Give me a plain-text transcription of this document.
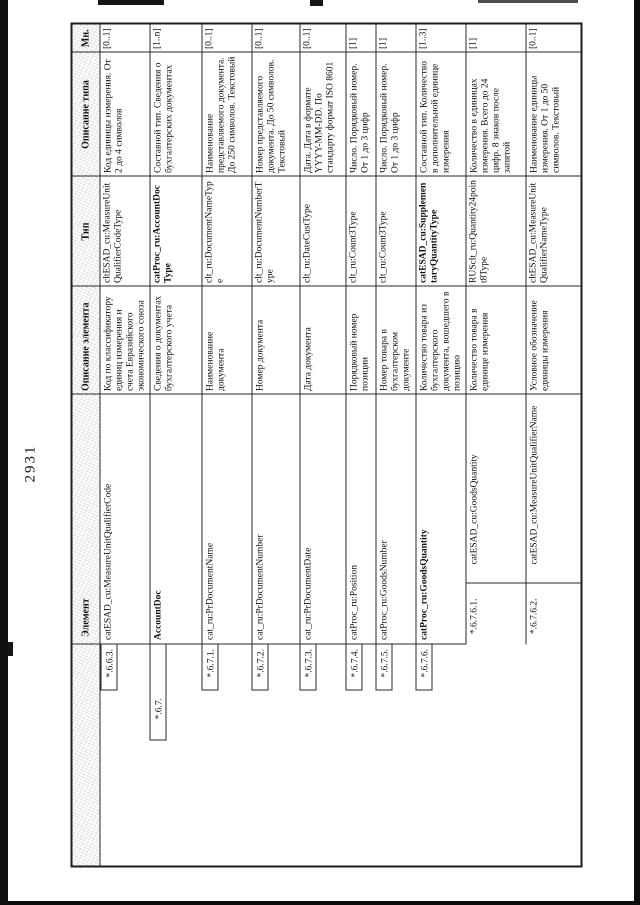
2931
	Элемент	Описание элемента	Тип	Описание типа	Мн.

*.6.6.3.	catESAD_cu:MeasureUnitQualifierCode	Код по классификатору единиц измерения и счета Евразийского экономического союза	cltESAD_cu:MeasureUnitQualifierCodeType	Код единицы измерения. От 2 до 4 символов	[0..1]

*.6.7.	AccountDoc	Сведения о документах бухгалтерского учета	catProc_ru:AccountDocType	Составной тип. Сведения о бухгалтерских документах	[1..n]

*.6.7.1.	cat_ru:PrDocumentName	Наименование документа	clt_ru:DocumentNameType	Наименование представляемого документа. До 250 символов. Текстовый	[0..1]

*.6.7.2.	cat_ru:PrDocumentNumber	Номер документа	clt_ru:DocumentNumberType	Номер представляемого документа. До 50 символов. Текстовый	[0..1]

*.6.7.3.	cat_ru:PrDocumentDate	Дата документа	clt_ru:DateCustType	Дата. Дата в формате YYYY-MM-DD. По стандарту формат ISO 8601	[0..1]

*.6.7.4.	catProc_ru:Position	Порядковый номер позиции	clt_ru:Count3Type	Число. Порядковый номер. От 1 до 3 цифр	[1]

*.6.7.5.	catProc_ru:GoodsNumber	Номер товара в бухгалтерском документе	clt_ru:Count3Type	Число. Порядковый номер. От 1 до 3 цифр	[1]

*.6.7.6.	catProc_ru:GoodsQuantity	Количество товара из бухгалтерского документа, вошедшего в позицию	catESAD_cu:SupplementaryQuantityType	Составной тип. Количество в дополнительной единице измерения	[1..3]

*.6.7.6.1.	catESAD_cu:GoodsQuantity	Количество товара в единице измерения	RUSclt_ru:Quantity24point8Type	Количество в единицах измерения. Всего до 24 цифр. 8 знаков после запятой	[1]

*.6.7.6.2.	catESAD_cu:MeasureUnitQualifierName	Условное обозначение единицы измерения	cltESAD_cu:MeasureUnitQualifierNameType	Наименование единицы измерения. От 1 до 50 символов. Текстовый	[0..1]
